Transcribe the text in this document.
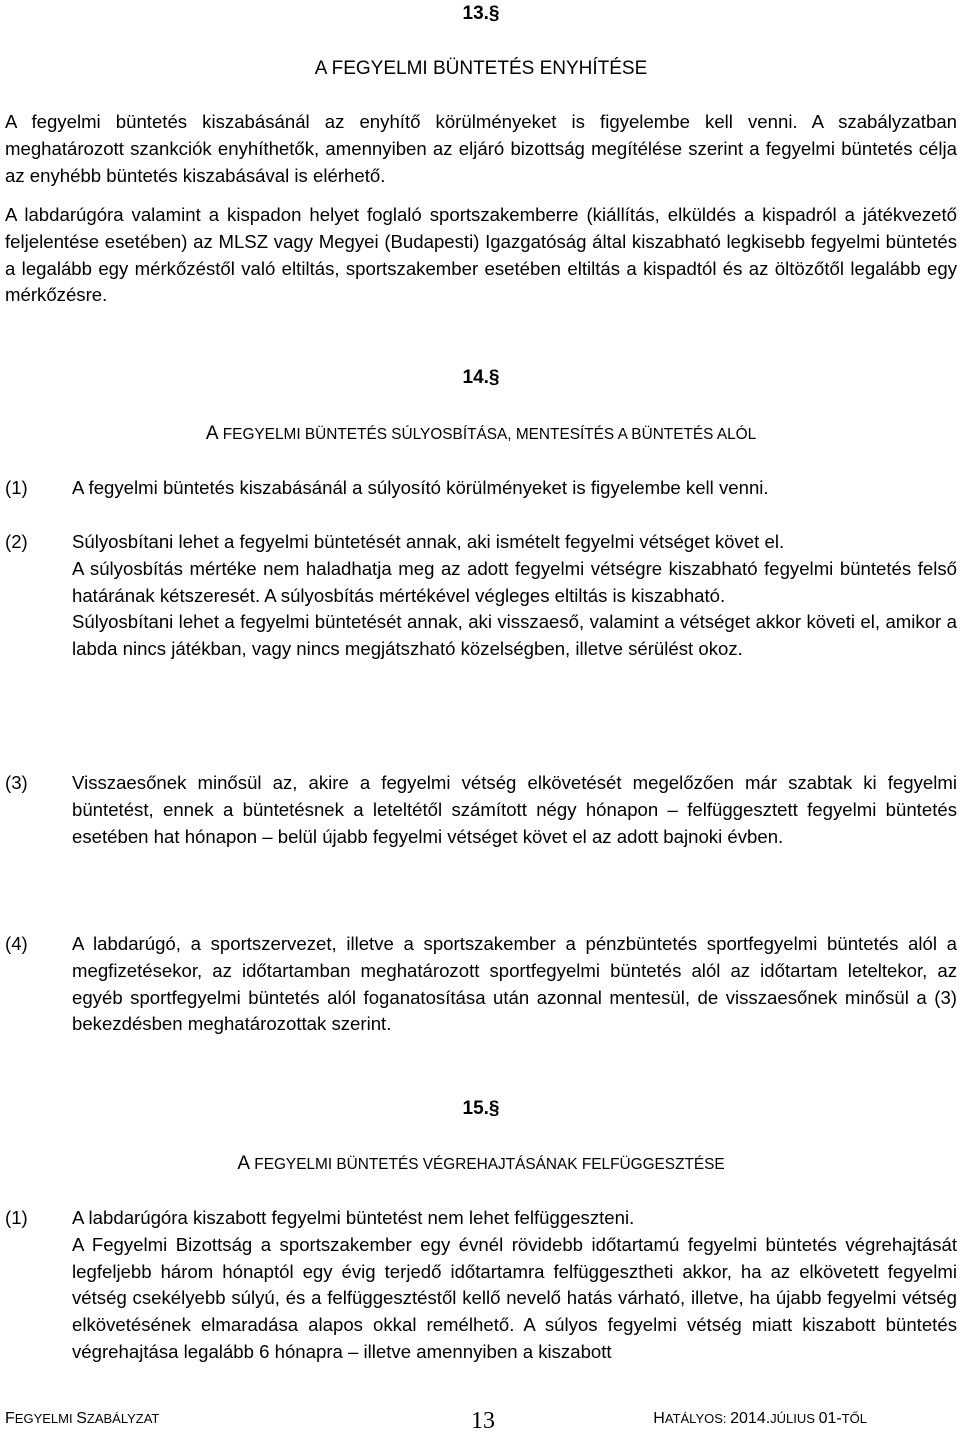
13.§
A FEGYELMI BÜNTETÉS ENYHÍTÉSE

A fegyelmi büntetés kiszabásánál az enyhítő körülményeket is figyelembe kell venni. A szabályzatban meghatározott szankciók enyhíthetők, amennyiben az eljáró bizottság megítélése szerint a fegyelmi büntetés célja az enyhébb büntetés kiszabásával is elérhető.

A labdarúgóra valamint a kispadon helyet foglaló sportszakemberre (kiállítás, elküldés a kispadról a játékvezető feljelentése esetében) az MLSZ vagy Megyei (Budapesti) Igazgatóság által kiszabható legkisebb fegyelmi büntetés a legalább egy mérkőzéstől való eltiltás, sportszakember esetében eltiltás a kispadtól és az öltözőtől legalább egy mérkőzésre.

14.§
A FEGYELMI BÜNTETÉS SÚLYOSBÍTÁSA, MENTESÍTÉS A BÜNTETÉS ALÓL
(1)	A fegyelmi büntetés kiszabásánál a súlyosító körülményeket is figyelembe kell venni.

(2)	Súlyosbítani lehet a fegyelmi büntetését annak, aki ismételt fegyelmi vétséget követ el.

A súlyosbítás mértéke nem haladhatja meg az adott fegyelmi vétségre kiszabható fegyelmi büntetés felső határának kétszeresét. A súlyosbítás mértékével végleges eltiltás is kiszabható.

Súlyosbítani lehet a fegyelmi büntetését annak, aki visszaeső, valamint a vétséget akkor követi el, amikor a labda nincs játékban, vagy nincs megjátszható közelségben, illetve sérülést okoz.

(3)	Visszaesőnek minősül az, akire a fegyelmi vétség elkövetését megelőzően már szabtak ki fegyelmi büntetést, ennek a büntetésnek a leteltétől számított négy hónapon – felfüggesztett fegyelmi büntetés esetében hat hónapon – belül újabb fegyelmi vétséget követ el az adott bajnoki évben.

(4)	A labdarúgó, a sportszervezet, illetve a sportszakember a pénzbüntetés sportfegyelmi büntetés alól a megfizetésekor, az időtartamban meghatározott sportfegyelmi büntetés alól az időtartam leteltekor, az egyéb sportfegyelmi büntetés alól foganatosítása után azonnal mentesül, de visszaesőnek minősül a (3) bekezdésben meghatározottak szerint.

15.§
A FEGYELMI BÜNTETÉS VÉGREHAJTÁSÁNAK FELFÜGGESZTÉSE
(1)	A labdarúgóra kiszabott fegyelmi büntetést nem lehet felfüggeszteni.

A Fegyelmi Bizottság a sportszakember egy évnél rövidebb időtartamú fegyelmi büntetés végrehajtását legfeljebb három hónaptól egy évig terjedő időtartamra felfüggesztheti akkor, ha az elkövetett fegyelmi vétség csekélyebb súlyú, és a felfüggesztéstől kellő nevelő hatás várható, illetve, ha újabb fegyelmi vétség elkövetésének elmaradása alapos okkal remélhető. A súlyos fegyelmi vétség miatt kiszabott büntetés végrehajtása legalább 6 hónapra – illetve amennyiben a kiszabott

FEGYELMI SZABÁLYZAT	13	HATÁLYOS: 2014.JÚLIUS 01-TŐL
